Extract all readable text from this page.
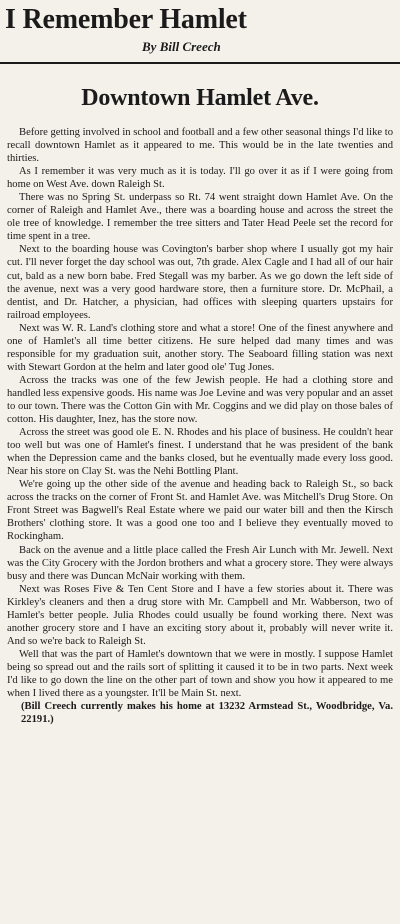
I Remember Hamlet
By Bill Creech
Downtown Hamlet Ave.

Before getting involved in school and football and a few other seasonal things I'd like to recall downtown Hamlet as it appeared to me. This would be in the late twenties and thirties.

As I remember it was very much as it is today. I'll go over it as if I were going from home on West Ave. down Raleigh St.

There was no Spring St. underpass so Rt. 74 went straight down Hamlet Ave. On the corner of Raleigh and Hamlet Ave., there was a boarding house and across the street the ole tree of knowledge. I remember the tree sitters and Tater Head Peele set the record for time spent in a tree.

Next to the boarding house was Covington's barber shop where I usually got my hair cut. I'll never forget the day school was out, 7th grade. Alex Cagle and I had all of our hair cut, bald as a new born babe. Fred Stegall was my barber. As we go down the left side of the avenue, next was a very good hardware store, then a furniture store. Dr. McPhail, a dentist, and Dr. Hatcher, a physician, had offices with sleeping quarters upstairs for railroad employees.

Next was W. R. Land's clothing store and what a store! One of the finest anywhere and one of Hamlet's all time better citizens. He sure helped dad many times and was responsible for my graduation suit, another story. The Seaboard filling station was next with Stewart Gordon at the helm and later good ole' Tug Jones.

Across the tracks was one of the few Jewish people. He had a clothing store and handled less expensive goods. His name was Joe Levine and was very popular and an asset to our town. There was the Cotton Gin with Mr. Coggins and we did play on those bales of cotton. His daughter, Inez, has the store now.

Across the street was good ole E. N. Rhodes and his place of business. He couldn't hear too well but was one of Hamlet's finest. I understand that he was president of the bank when the Depression came and the banks closed, but he eventually made every loss good. Near his store on Clay St. was the Nehi Bottling Plant.

We're going up the other side of the avenue and heading back to Raleigh St., so back across the tracks on the corner of Front St. and Hamlet Ave. was Mitchell's Drug Store. On Front Street was Bagwell's Real Estate where we paid our water bill and then the Kirsch Brothers' clothing store. It was a good one too and I believe they eventually moved to Rockingham.

Back on the avenue and a little place called the Fresh Air Lunch with Mr. Jewell. Next was the City Grocery with the Jordon brothers and what a grocery store. They were always busy and there was Duncan McNair working with them.

Next was Roses Five & Ten Cent Store and I have a few stories about it. There was Kirkley's cleaners and then a drug store with Mr. Campbell and Mr. Wabberson, two of Hamlet's better people. Julia Rhodes could usually be found working there. Next was another grocery store and I have an exciting story about it, probably will never write it. And so we're back to Raleigh St.

Well that was the part of Hamlet's downtown that we were in mostly. I suppose Hamlet being so spread out and the rails sort of splitting it caused it to be in two parts. Next week I'd like to go down the line on the other part of town and show you how it appeared to me when I lived there as a youngster. It'll be Main St. next.

(Bill Creech currently makes his home at 13232 Armstead St., Woodbridge, Va. 22191.)
